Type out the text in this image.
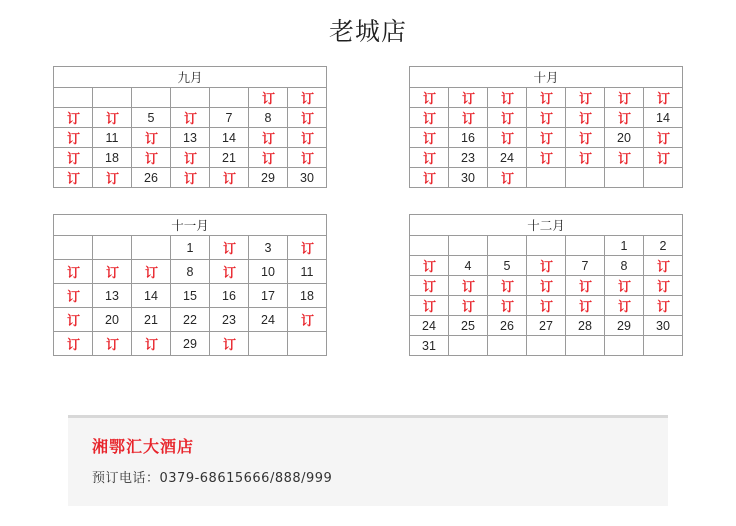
老城店
九月						
					订	订
订	订	5	订	7	8	订
订	11	订	13	14	订	订
订	18	订	订	21	订	订
订	订	26	订	订	29	30
十月						
订	订	订	订	订	订	订
订	订	订	订	订	订	14
订	16	订	订	订	20	订
订	23	24	订	订	订	订
订	30	订				
十一月						
			1	订	3	订
订	订	订	8	订	10	11
订	13	14	15	16	17	18
订	20	21	22	23	24	订
订	订	订	29	订		
十二月						
					1	2
订	4	5	订	7	8	订
订	订	订	订	订	订	订
订	订	订	订	订	订	订
24	25	26	27	28	29	30
31						
湘鄂汇大酒店
预订电话：0379-68615666/888/999
